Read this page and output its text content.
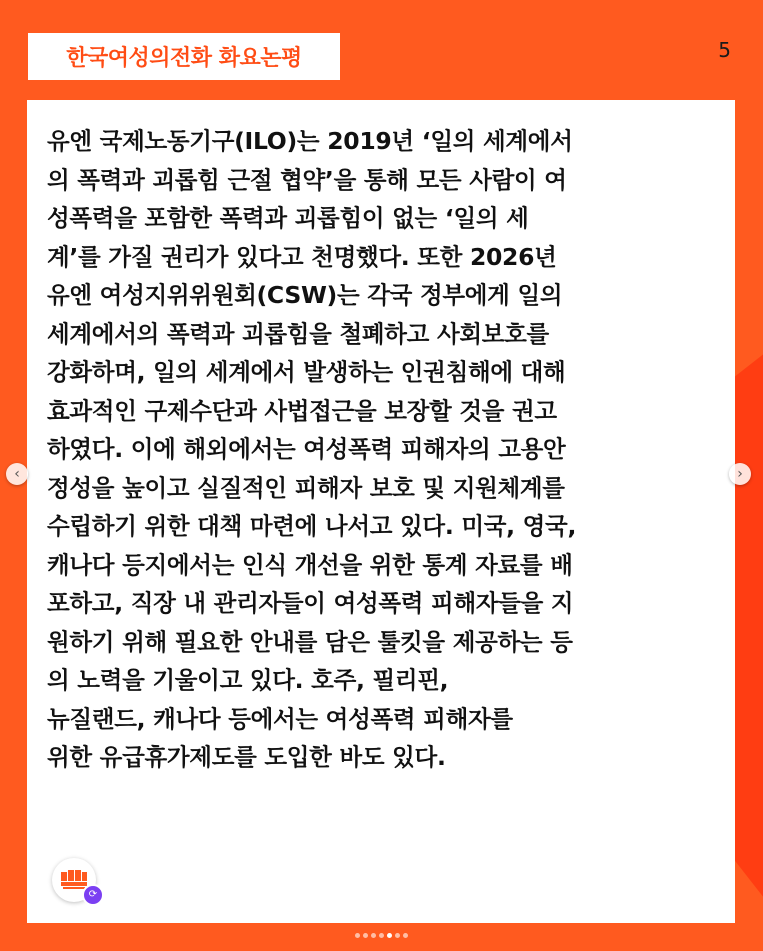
한국여성의전화 화요논평	5

유엔 국제노동기구(ILO)는 2019년 ‘일의 세계에서
의 폭력과 괴롭힘 근절 협약’을 통해 모든 사람이 여
성폭력을 포함한 폭력과 괴롭힘이 없는 ‘일의 세
계’를 가질 권리가 있다고 천명했다. 또한 2026년
유엔 여성지위위원회(CSW)는 각국 정부에게 일의
세계에서의 폭력과 괴롭힘을 철폐하고 사회보호를
강화하며, 일의 세계에서 발생하는 인권침해에 대해
효과적인 구제수단과 사법접근을 보장할 것을 권고
하였다. 이에 해외에서는 여성폭력 피해자의 고용안
정성을 높이고 실질적인 피해자 보호 및 지원체계를
수립하기 위한 대책 마련에 나서고 있다. 미국, 영국,
캐나다 등지에서는 인식 개선을 위한 통계 자료를 배
포하고, 직장 내 관리자들이 여성폭력 피해자들을 지
원하기 위해 필요한 안내를 담은 툴킷을 제공하는 등
의 노력을 기울이고 있다. 호주, 필리핀,
뉴질랜드, 캐나다 등에서는 여성폭력 피해자를
위한 유급휴가제도를 도입한 바도 있다.

⟳
‹	›
